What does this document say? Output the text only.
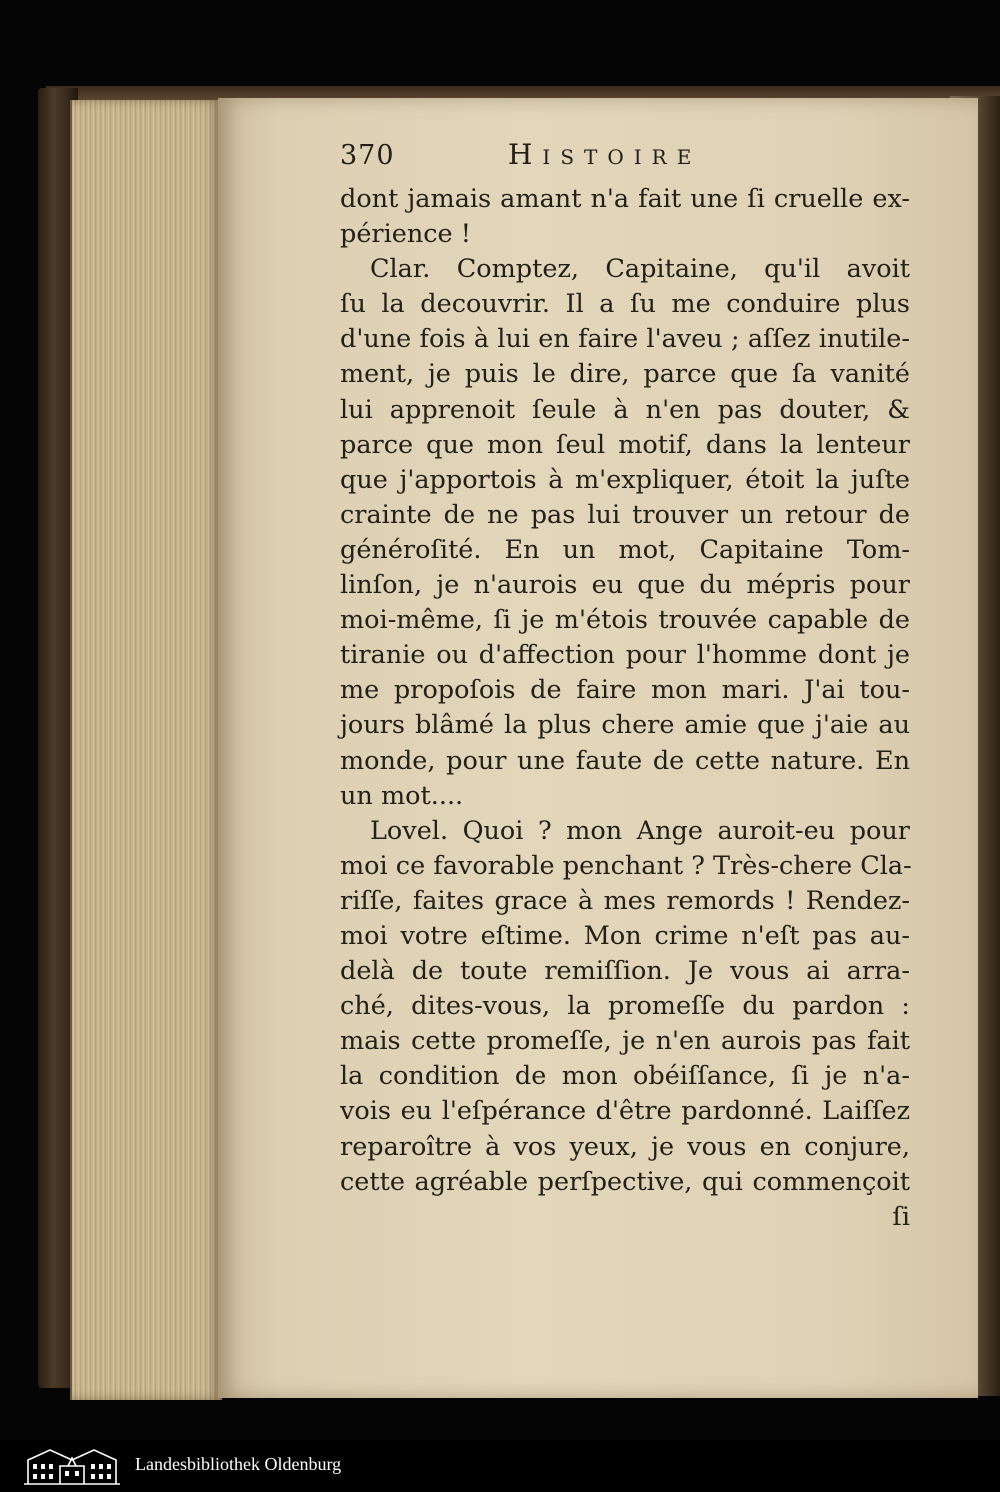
370	Histoire
dont jamais amant n'a fait une ſi cruelle ex-
périence !
Clar. Comptez, Capitaine, qu'il avoit
ſu la decouvrir. Il a ſu me conduire plus
d'une fois à lui en faire l'aveu ; aſſez inutile-
ment, je puis le dire, parce que ſa vanité
lui apprenoit ſeule à n'en pas douter, &
parce que mon ſeul motif, dans la lenteur
que j'apportois à m'expliquer, étoit la juſte
crainte de ne pas lui trouver un retour de
généroſité. En un mot, Capitaine Tom-
linſon, je n'aurois eu que du mépris pour
moi-même, ſi je m'étois trouvée capable de
tiranie ou d'affection pour l'homme dont je
me propoſois de faire mon mari. J'ai tou-
jours blâmé la plus chere amie que j'aie au
monde, pour une faute de cette nature. En
un mot....
Lovel. Quoi ? mon Ange auroit-eu pour
moi ce favorable penchant ? Très-chere Cla-
riſſe, faites grace à mes remords ! Rendez-
moi votre eſtime. Mon crime n'eſt pas au-
delà de toute remiſſion. Je vous ai arra-
ché, dites-vous, la promeſſe du pardon :
mais cette promeſſe, je n'en aurois pas fait
la condition de mon obéiſſance, ſi je n'a-
vois eu l'eſpérance d'être pardonné. Laiſſez
reparoître à vos yeux, je vous en conjure,
cette agréable perſpective, qui commençoit
ſi
Landesbibliothek Oldenburg
